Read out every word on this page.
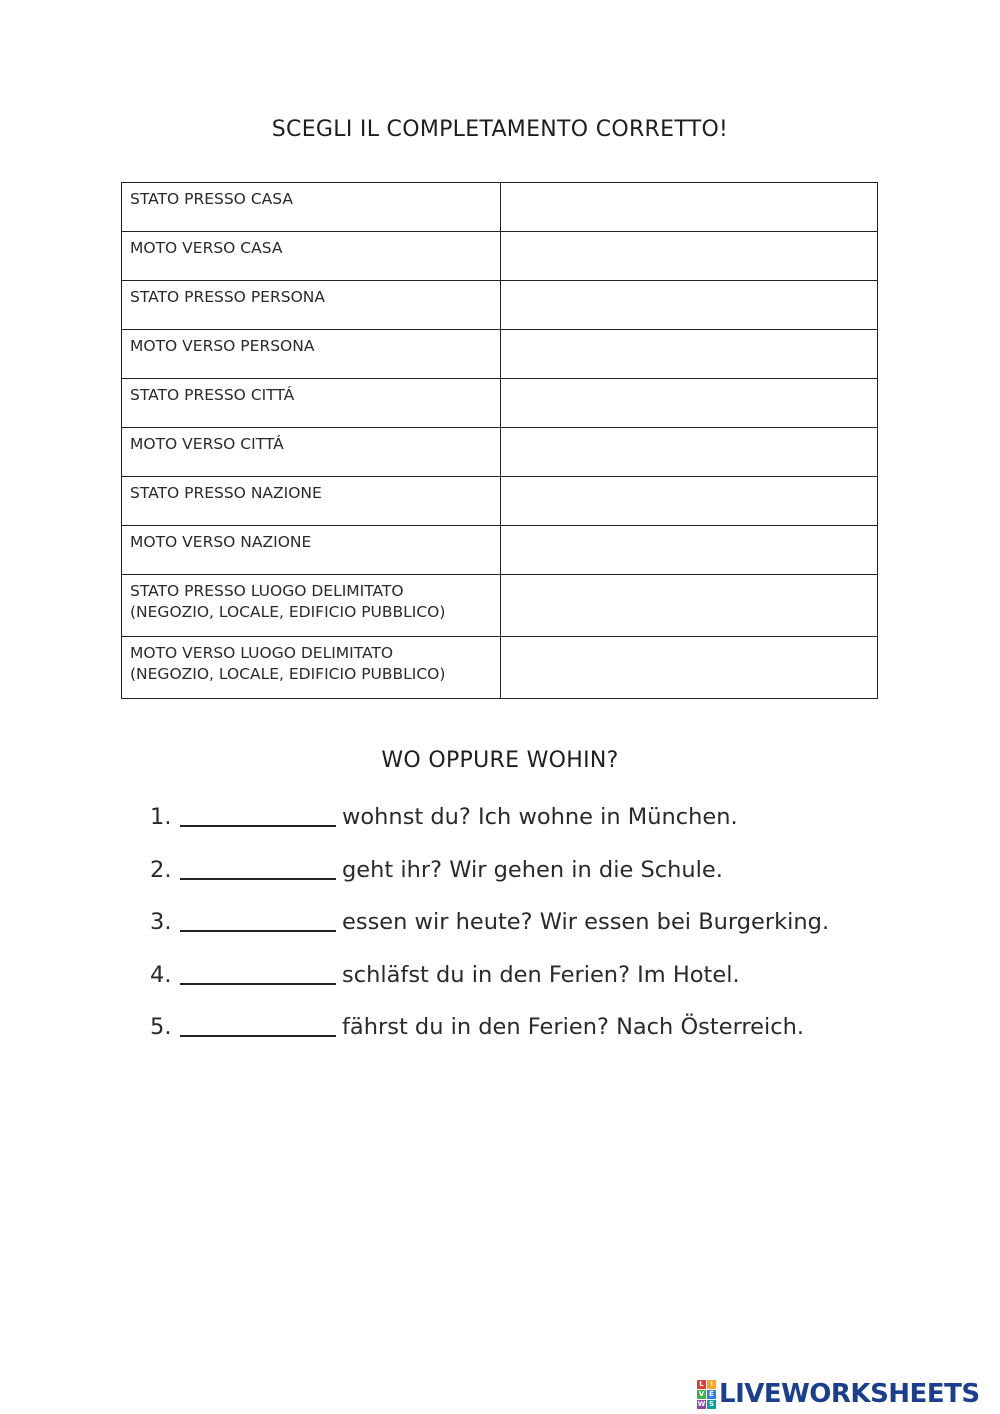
SCEGLI IL COMPLETAMENTO CORRETTO!
STATO PRESSO CASA	
MOTO VERSO CASA	
STATO PRESSO PERSONA	
MOTO VERSO PERSONA	
STATO PRESSO CITTÁ	
MOTO VERSO CITTÁ	
STATO PRESSO NAZIONE	
MOTO VERSO NAZIONE	

STATO PRESSO LUOGO DELIMITATO
(NEGOZIO, LOCALE, EDIFICIO PUBBLICO)	

MOTO VERSO LUOGO DELIMITATO
(NEGOZIO, LOCALE, EDIFICIO PUBBLICO)	

WO OPPURE WOHIN?
1.	wohnst du? Ich wohne in München.
2.	geht ihr? Wir gehen in die Schule.
3.	essen wir heute? Wir essen bei Burgerking.
4.	schläfst du in den Ferien? Im Hotel.
5.	fährst du in den Ferien? Nach Österreich.
L I
V E
W S LIVEWORKSHEETS
